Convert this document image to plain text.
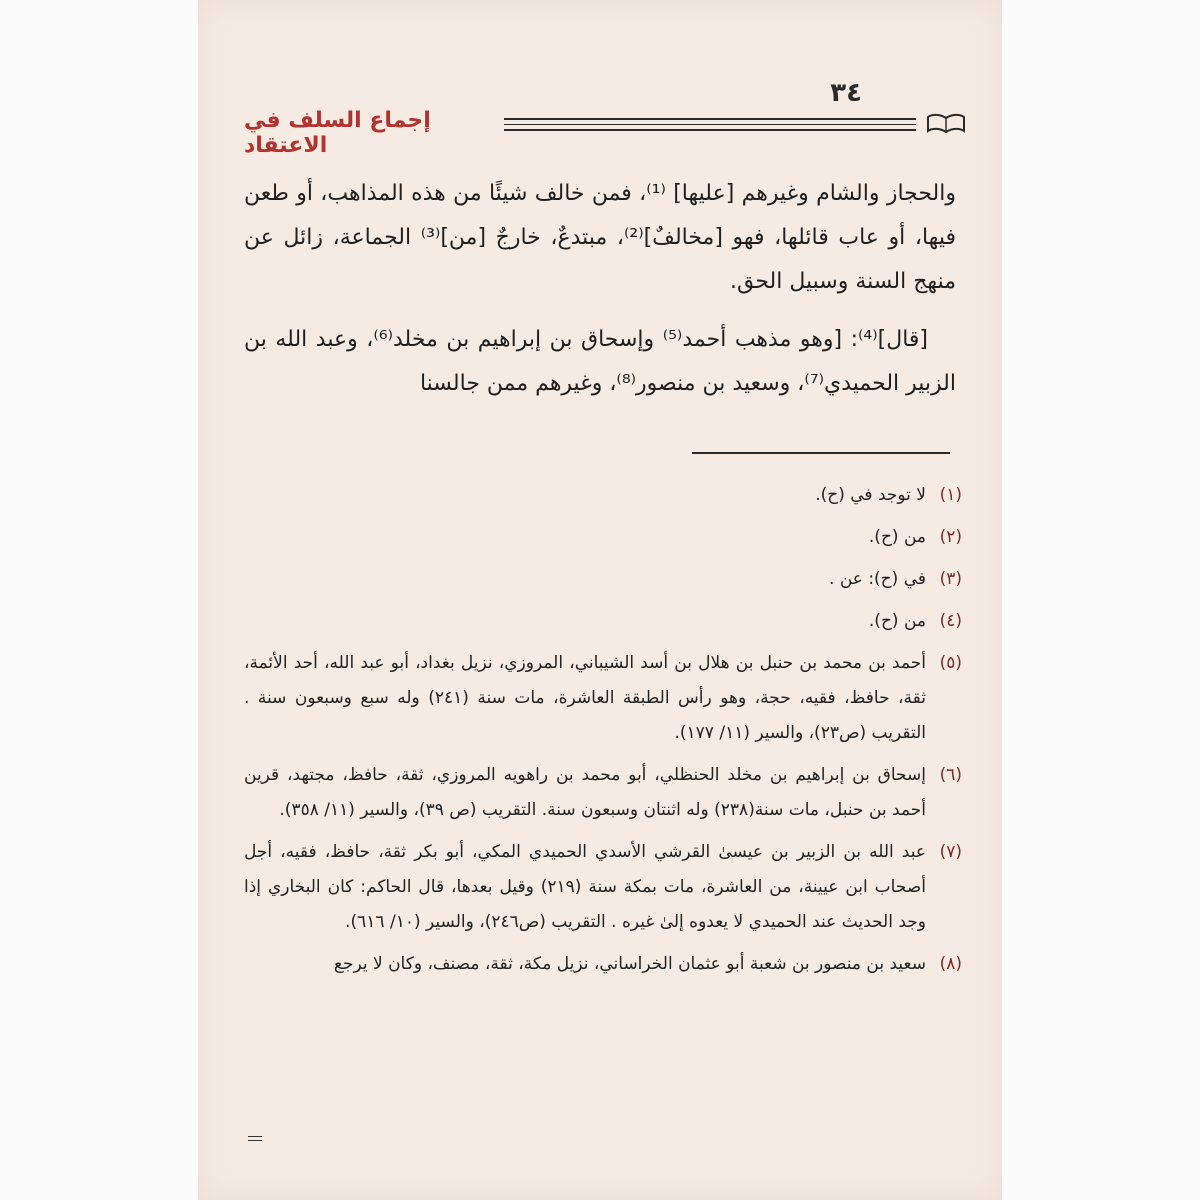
٣٤
إجماع السلف في الاعتقاد

والحجاز والشام وغيرهم [عليها] ⁽¹⁾، فمن خالف شيئًا من هذه المذاهب، أو طعن فيها، أو عاب قائلها، فهو [مخالفٌ]⁽²⁾، مبتدعٌ، خارجٌ [من]⁽³⁾ الجماعة، زائل عن منهج السنة وسبيل الحق.

[قال]⁽⁴⁾: [وهو مذهب أحمد⁽⁵⁾ وإسحاق بن إبراهيم بن مخلد⁽⁶⁾، وعبد الله بن الزبير الحميدي⁽⁷⁾، وسعيد بن منصور⁽⁸⁾، وغيرهم ممن جالسنا

(١)
لا توجد في (ح).
(٢)
من (ح).
(٣)
في (ح): عن .
(٤)
من (ح).
(٥)
أحمد بن محمد بن حنبل بن هلال بن أسد الشيباني، المروزي، نزيل بغداد، أبو عبد الله، أحد الأئمة، ثقة، حافظ، فقيه، حجة، وهو رأس الطبقة العاشرة، مات سنة (٢٤١) وله سبع وسبعون سنة . التقريب (ص٢٣)، والسير (١١/ ١٧٧).
(٦)
إسحاق بن إبراهيم بن مخلد الحنظلي، أبو محمد بن راهويه المروزي، ثقة، حافظ، مجتهد، قرين أحمد بن حنبل، مات سنة(٢٣٨) وله اثنتان وسبعون سنة. التقريب (ص ٣٩)، والسير (١١/ ٣٥٨).
(٧)
عبد الله بن الزبير بن عيسىٰ القرشي الأسدي الحميدي المكي، أبو بكر ثقة، حافظ، فقيه، أجل أصحاب ابن عيينة، من العاشرة، مات بمكة سنة (٢١٩) وقيل بعدها، قال الحاكم: كان البخاري إذا وجد الحديث عند الحميدي لا يعدوه إلىٰ غيره . التقريب (ص٢٤٦)، والسير (١٠/ ٦١٦).
(٨)
سعيد بن منصور بن شعبة أبو عثمان الخراساني، نزيل مكة، ثقة، مصنف، وكان لا يرجع
